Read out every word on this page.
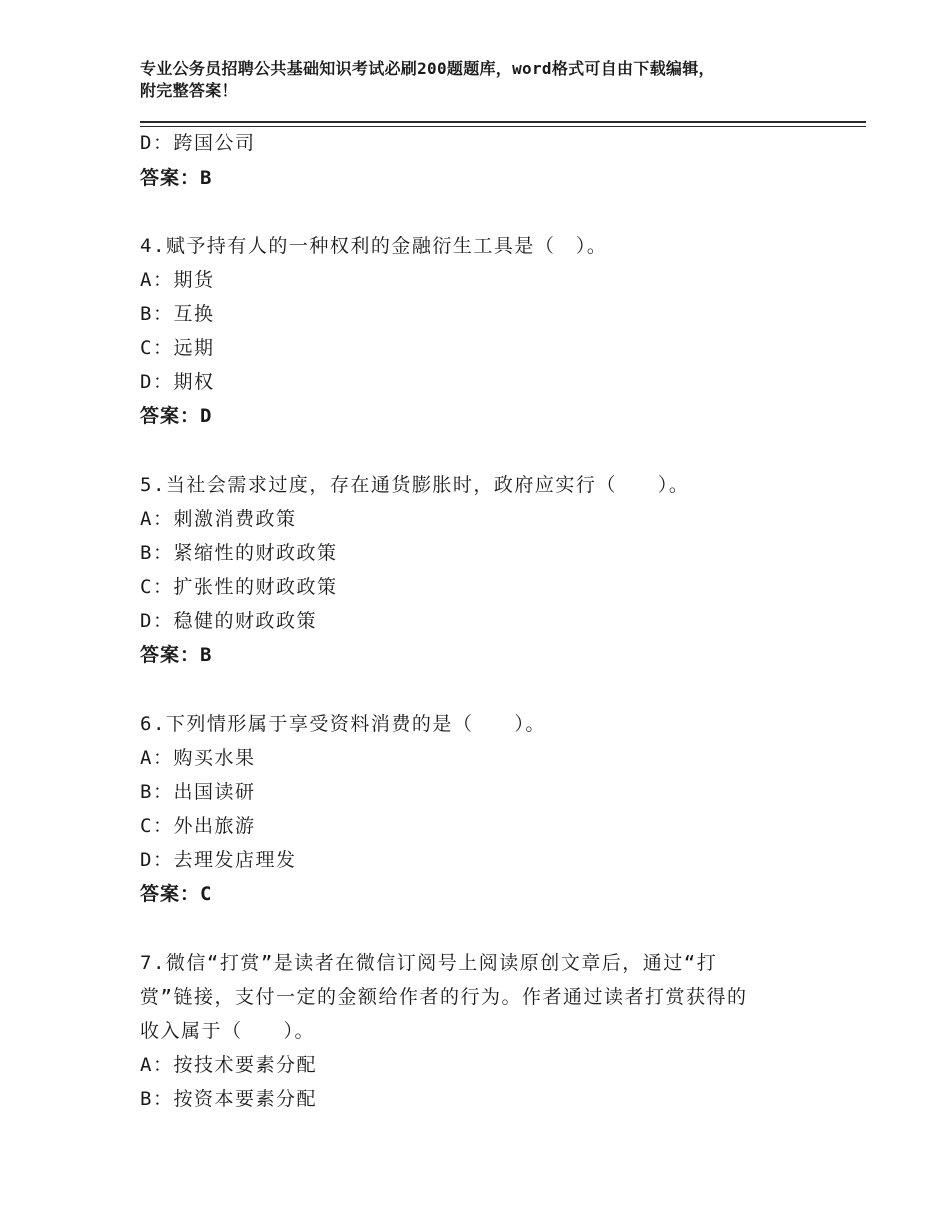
专业公务员招聘公共基础知识考试必刷200题题库，word格式可自由下载编辑，
附完整答案！
D：跨国公司
答案：B
4.赋予持有人的一种权利的金融衍生工具是（　）。
A：期货
B：互换
C：远期
D：期权
答案：D
5.当社会需求过度，存在通货膨胀时，政府应实行（　　）。
A：刺激消费政策
B：紧缩性的财政政策
C：扩张性的财政政策
D：稳健的财政政策
答案：B
6.下列情形属于享受资料消费的是（　　）。
A：购买水果
B：出国读研
C：外出旅游
D：去理发店理发
答案：C
7.微信“打赏”是读者在微信订阅号上阅读原创文章后，通过“打
赏”链接，支付一定的金额给作者的行为。作者通过读者打赏获得的
收入属于（　　）。
A：按技术要素分配
B：按资本要素分配
